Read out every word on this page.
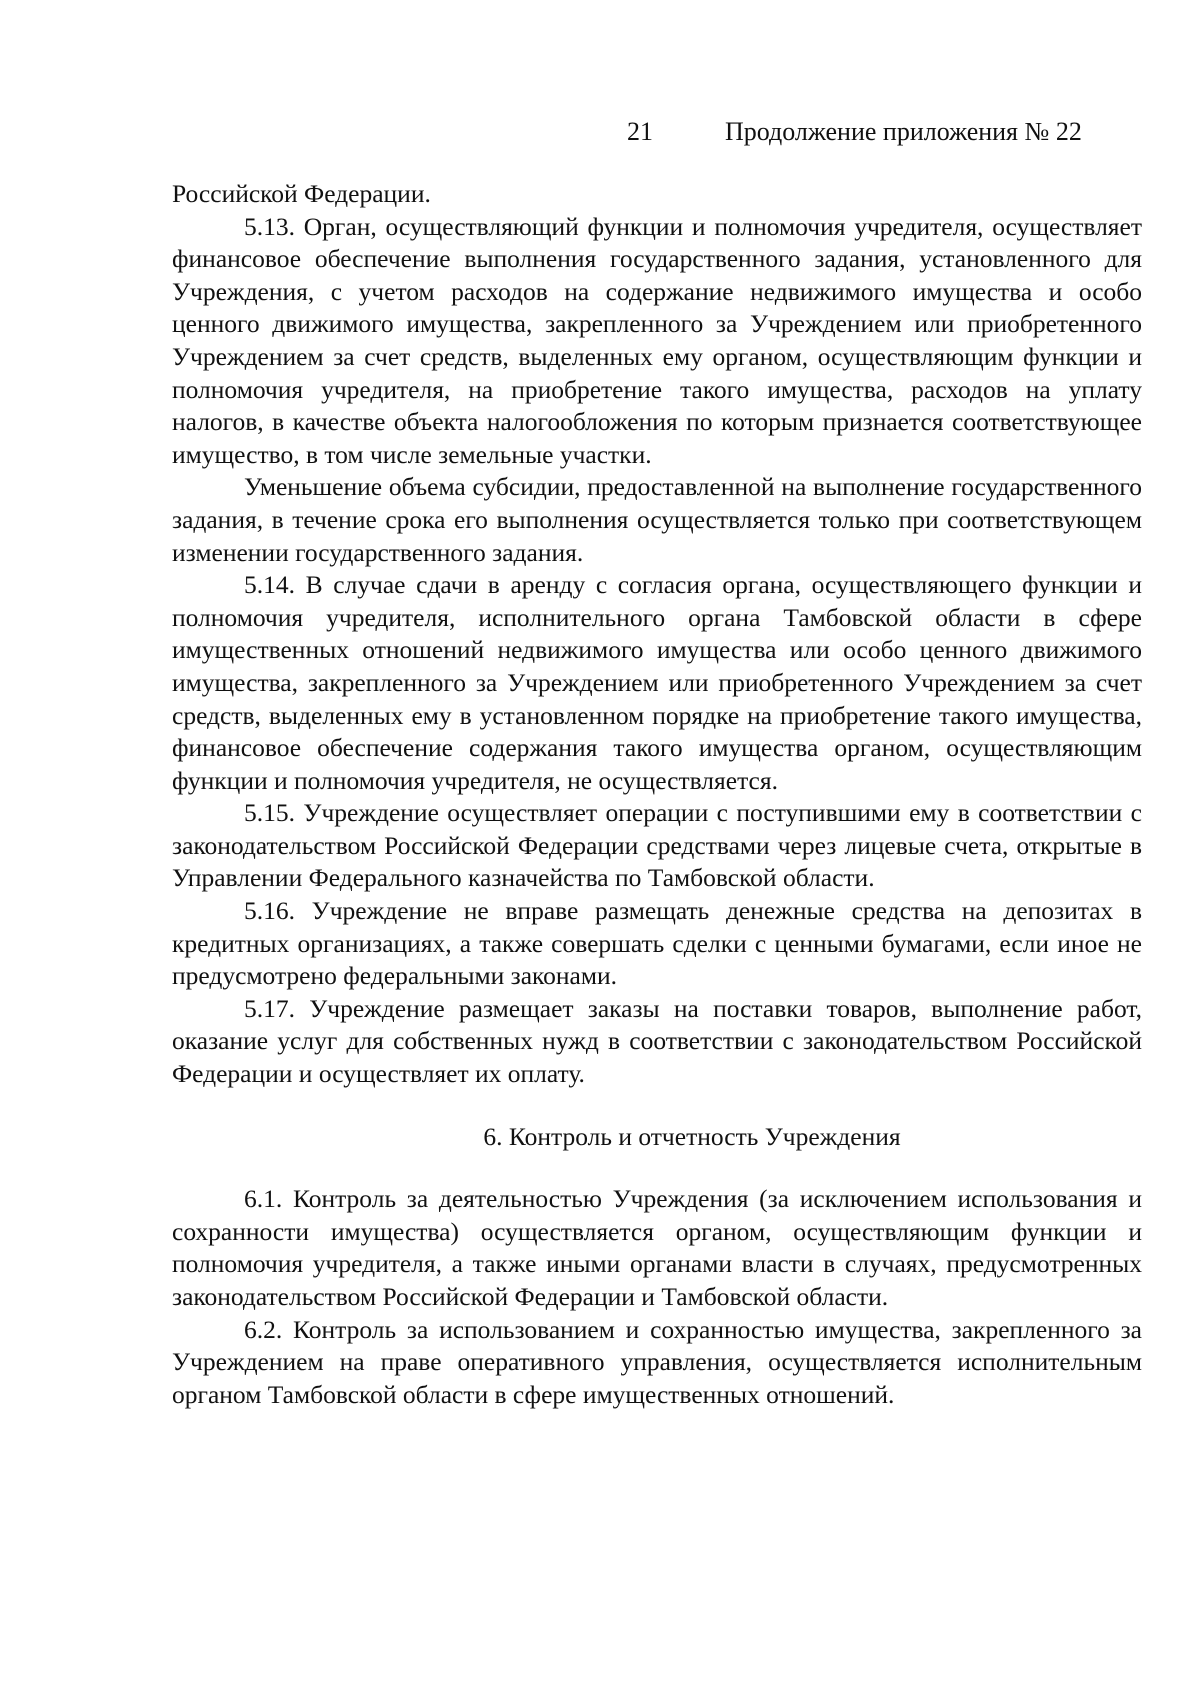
21	Продолжение приложения № 22

Российской Федерации.

5.13. Орган, осуществляющий функции и полномочия учредителя, осуществляет финансовое обеспечение выполнения государственного задания, установленного для Учреждения, с учетом расходов на содержание недвижимого имущества и особо ценного движимого имущества, закрепленного за Учреждением или приобретенного Учреждением за счет средств, выделенных ему органом, осуществляющим функции и полномочия учредителя, на приобретение такого имущества, расходов на уплату налогов, в качестве объекта налогообложения по которым признается соответствующее имущество, в том числе земельные участки.

Уменьшение объема субсидии, предоставленной на выполнение государственного задания, в течение срока его выполнения осуществляется только при соответствующем изменении государственного задания.

5.14. В случае сдачи в аренду с согласия органа, осуществляющего функции и полномочия учредителя, исполнительного органа Тамбовской области в сфере имущественных отношений недвижимого имущества или особо ценного движимого имущества, закрепленного за Учреждением или приобретенного Учреждением за счет средств, выделенных ему в установленном порядке на приобретение такого имущества, финансовое обеспечение содержания такого имущества органом, осуществляющим функции и полномочия учредителя, не осуществляется.

5.15. Учреждение осуществляет операции с поступившими ему в соответствии с законодательством Российской Федерации средствами через лицевые счета, открытые в Управлении Федерального казначейства по Тамбовской области.

5.16. Учреждение не вправе размещать денежные средства на депозитах в кредитных организациях, а также совершать сделки с ценными бумагами, если иное не предусмотрено федеральными законами.

5.17. Учреждение размещает заказы на поставки товаров, выполнение работ, оказание услуг для собственных нужд в соответствии с законодательством Российской Федерации и осуществляет их оплату.

6. Контроль и отчетность Учреждения

6.1. Контроль за деятельностью Учреждения (за исключением использования и сохранности имущества) осуществляется органом, осуществляющим функции и полномочия учредителя, а также иными органами власти в случаях, предусмотренных законодательством Российской Федерации и Тамбовской области.

6.2. Контроль за использованием и сохранностью имущества, закрепленного за Учреждением на праве оперативного управления, осуществляется исполнительным органом Тамбовской области в сфере имущественных отношений.
